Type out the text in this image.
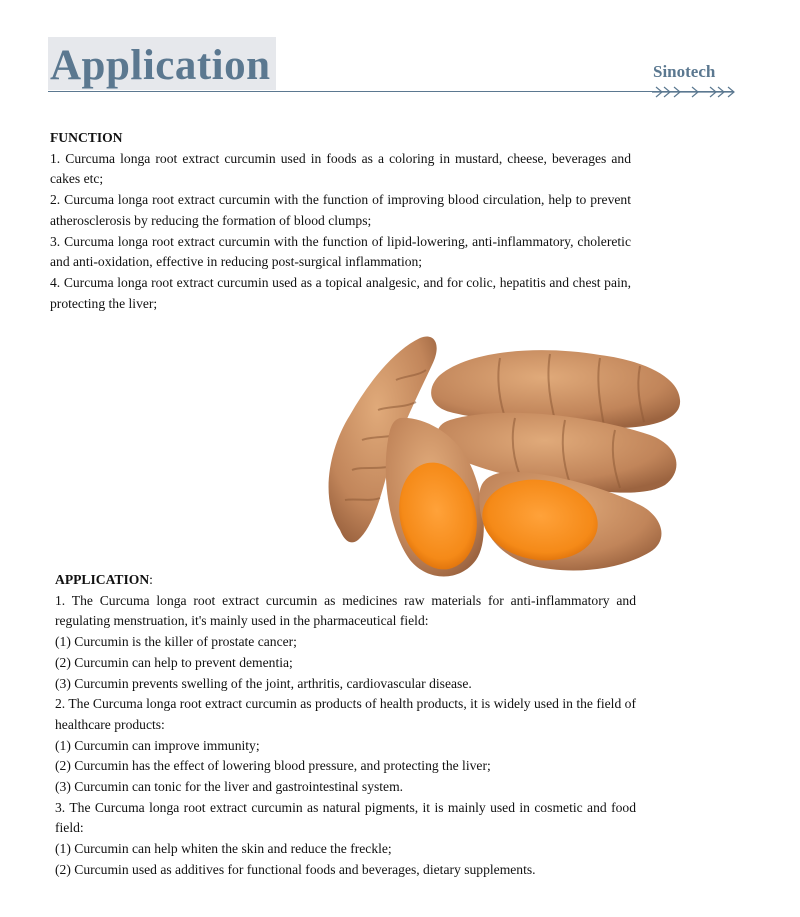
Application	Sinotech

FUNCTION

1. Curcuma longa root extract curcumin used in foods as a coloring in mustard, cheese, beverages and cakes etc;

2. Curcuma longa root extract curcumin with the function of improving blood circulation, help to prevent atherosclerosis by reducing the formation of blood clumps;

3. Curcuma longa root extract curcumin with the function of lipid-lowering, anti-inflammatory, choleretic and anti-oxidation, effective in reducing post-surgical inflammation;

4. Curcuma longa root extract curcumin used as a topical analgesic, and for colic, hepatitis and chest pain, protecting the liver;

APPLICATION:

1. The Curcuma longa root extract curcumin as medicines raw materials for anti-inflammatory and regulating menstruation, it's mainly used in the pharmaceutical field:

(1) Curcumin is the killer of prostate cancer;

(2) Curcumin can help to prevent dementia;

(3) Curcumin prevents swelling of the joint, arthritis, cardiovascular disease.

2. The Curcuma longa root extract curcumin as products of health products, it is widely used in the field of healthcare products:

(1) Curcumin can improve immunity;

(2) Curcumin has the effect of lowering blood pressure, and protecting the liver;

(3) Curcumin can tonic for the liver and gastrointestinal system.

3. The Curcuma longa root extract curcumin as natural pigments, it is mainly used in cosmetic and food field:

(1) Curcumin can help whiten the skin and reduce the freckle;

(2) Curcumin used as additives for functional foods and beverages, dietary supplements.
